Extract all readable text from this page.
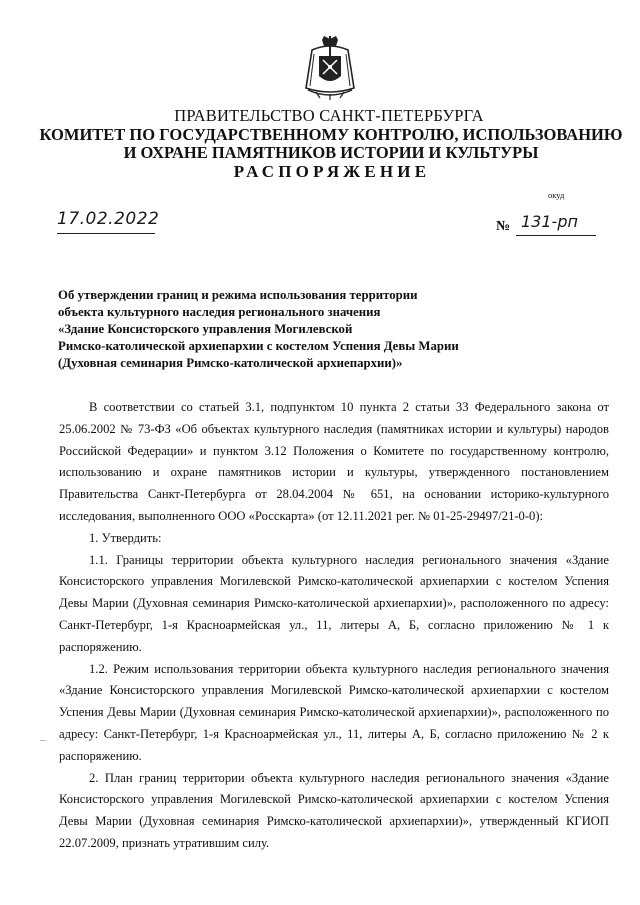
ПРАВИТЕЛЬСТВО САНКТ-ПЕТЕРБУРГА
КОМИТЕТ ПО ГОСУДАРСТВЕННОМУ КОНТРОЛЮ, ИСПОЛЬЗОВАНИЮ
И ОХРАНЕ ПАМЯТНИКОВ ИСТОРИИ И КУЛЬТУРЫ
РАСПОРЯЖЕНИЕ
окуд
17.02.2022	№ 131-рп
Об утверждении границ и режима использования территории
объекта культурного наследия регионального значения
«Здание Консисторского управления Могилевской
Римско-католической архиепархии с костелом Успения Девы Марии
(Духовная семинария Римско-католической архиепархии)»

В соответствии со статьей 3.1, подпунктом 10 пункта 2 статьи 33 Федерального закона от 25.06.2002 № 73-ФЗ «Об объектах культурного наследия (памятниках истории и культуры) народов Российской Федерации» и пунктом 3.12 Положения о Комитете по государственному контролю, использованию и охране памятников истории и культуры, утвержденного постановлением Правительства Санкт-Петербурга от 28.04.2004 № 651, на основании историко-культурного исследования, выполненного ООО «Росскарта» (от 12.11.2021 рег. № 01-25-29497/21-0-0):

1. Утвердить:

1.1. Границы территории объекта культурного наследия регионального значения «Здание Консисторского управления Могилевской Римско-католической архиепархии с костелом Успения Девы Марии (Духовная семинария Римско-католической архиепархии)», расположенного по адресу: Санкт-Петербург, 1-я Красноармейская ул., 11, литеры А, Б, согласно приложению № 1 к распоряжению.

1.2. Режим использования территории объекта культурного наследия регионального значения «Здание Консисторского управления Могилевской Римско-католической архиепархии с костелом Успения Девы Марии (Духовная семинария Римско-католической архиепархии)», расположенного по адресу: Санкт-Петербург, 1-я Красноармейская ул., 11, литеры А, Б, согласно приложению № 2 к распоряжению.

2. План границ территории объекта культурного наследия регионального значения «Здание Консисторского управления Могилевской Римско-католической архиепархии с костелом Успения Девы Марии (Духовная семинария Римско-католической архиепархии)», утвержденный КГИОП 22.07.2009, признать утратившим силу.
